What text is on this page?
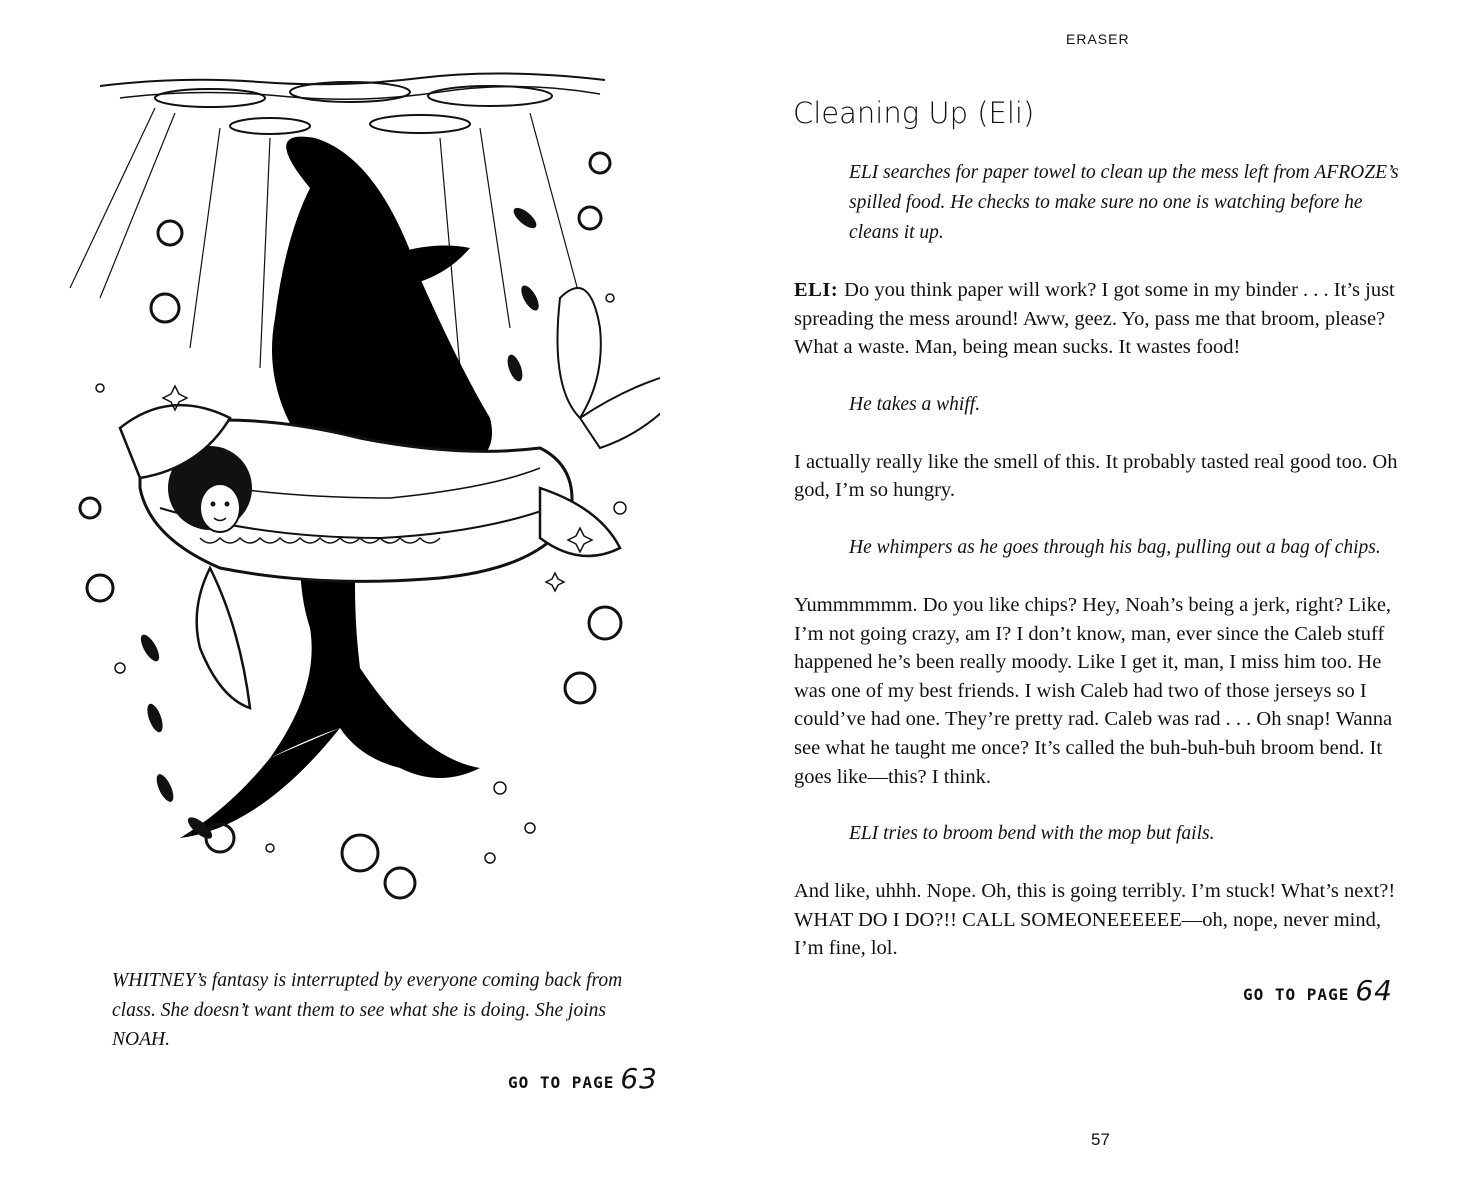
WHITNEY’s fantasy is interrupted by everyone coming back from class. She doesn’t want them to see what she is doing. She joins NOAH.

GO TO PAGE 63

ERASER

Cleaning Up (Eli)

ELI searches for paper towel to clean up the mess left from AFROZE’s spilled food. He checks to make sure no one is watching before he cleans it up.

ELI: Do you think paper will work? I got some in my binder . . . It’s just spreading the mess around! Aww, geez. Yo, pass me that broom, please? What a waste. Man, being mean sucks. It wastes food!

He takes a whiff.

I actually really like the smell of this. It probably tasted real good too. Oh god, I’m so hungry.

He whimpers as he goes through his bag, pulling out a bag of chips.

Yummmmmm. Do you like chips? Hey, Noah’s being a jerk, right? Like, I’m not going crazy, am I? I don’t know, man, ever since the Caleb stuff happened he’s been really moody. Like I get it, man, I miss him too. He was one of my best friends. I wish Caleb had two of those jerseys so I could’ve had one. They’re pretty rad. Caleb was rad . . . Oh snap! Wanna see what he taught me once? It’s called the buh-buh-buh broom bend. It goes like—this? I think.

ELI tries to broom bend with the mop but fails.

And like, uhhh. Nope. Oh, this is going terribly. I’m stuck! What’s next?! WHAT DO I DO?!! CALL SOMEONEEEEEE—oh, nope, never mind, I’m fine, lol.

GO TO PAGE 64

57
